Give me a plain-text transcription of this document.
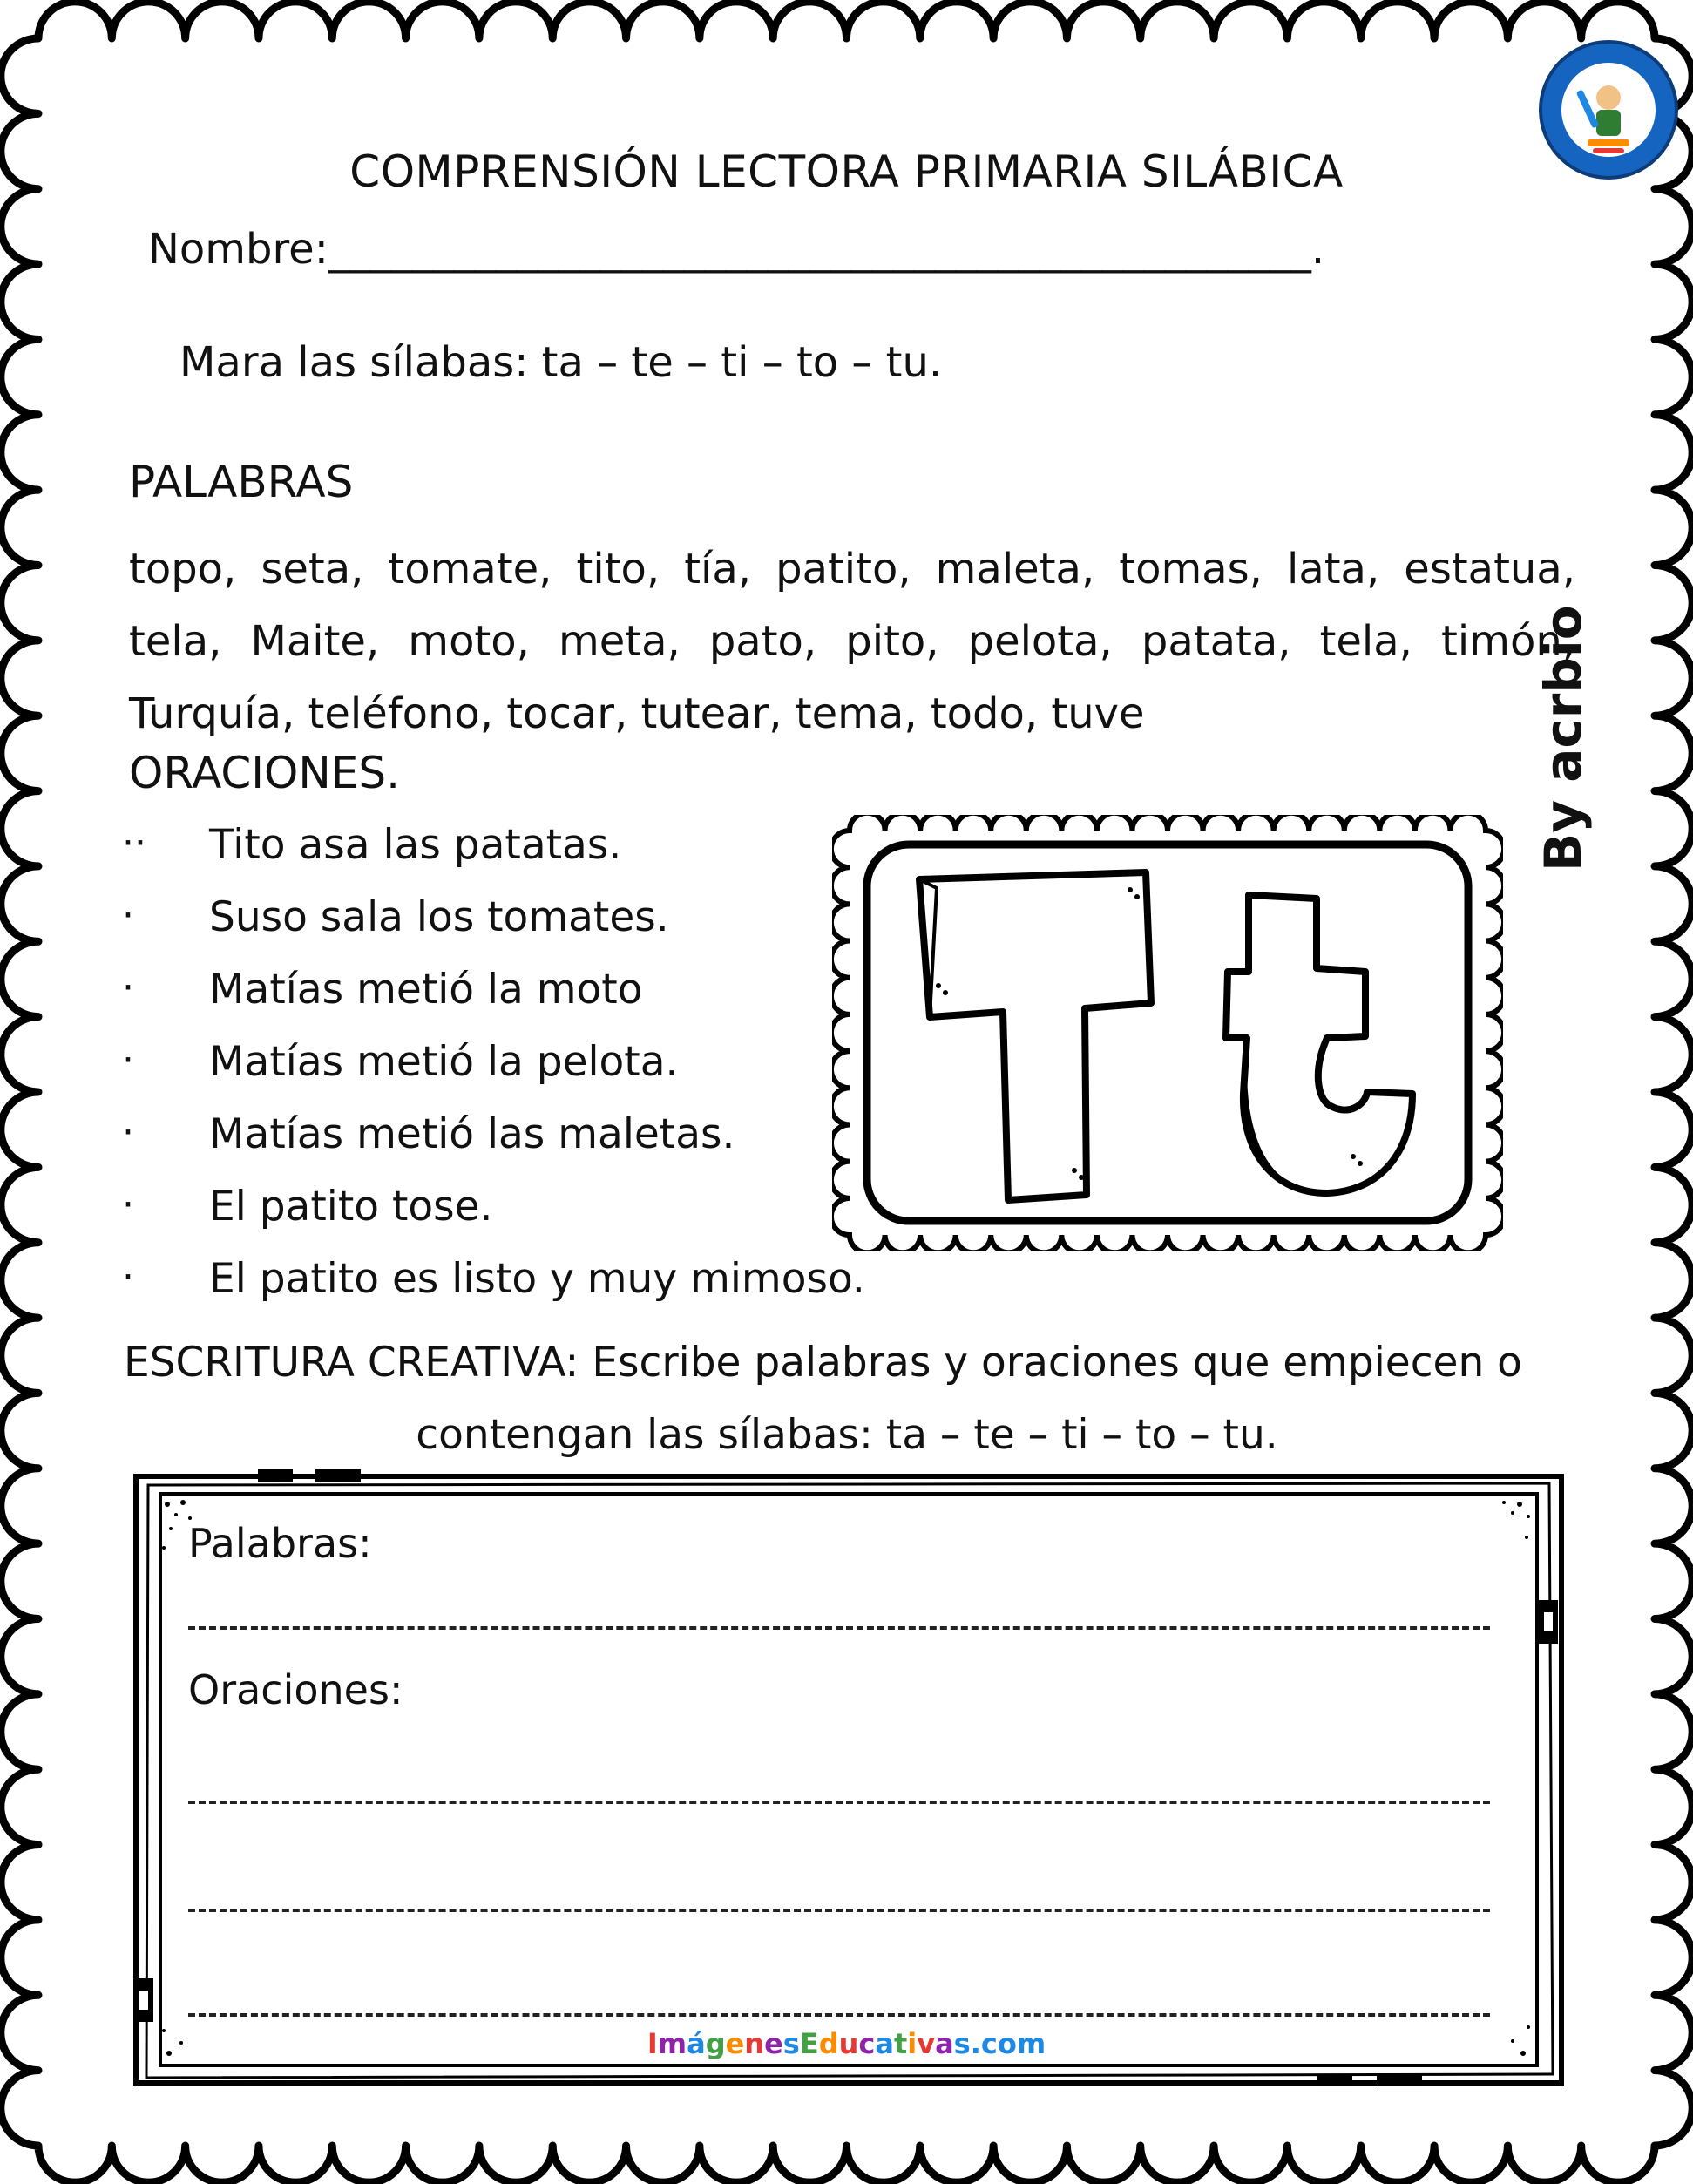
COMPRENSIÓN LECTORA PRIMARIA SILÁBICA
Nombre:_______________________________________________.
Mara las sílabas: ta – te – ti – to – tu.
PALABRAS
topo, seta, tomate, tito, tía, patito, maleta, tomas, lata, estatua, tela, Maite, moto, meta, pato, pito, pelota, patata, tela, timón, Turquía, teléfono, tocar, tutear, tema, todo, tuve
ORACIONES.
·· Tito asa las patatas.
· Suso sala los tomates.
· Matías metió la moto
· Matías metió la pelota.
· Matías metió las maletas.
· El patito tose.
· El patito es listo y muy mimoso.
By acrbio
ESCRITURA CREATIVA: Escribe palabras y oraciones que empiecen o
contengan las sílabas: ta – te – ti – to – tu.
Palabras:
Oraciones:
ImágenesEducativas.com
